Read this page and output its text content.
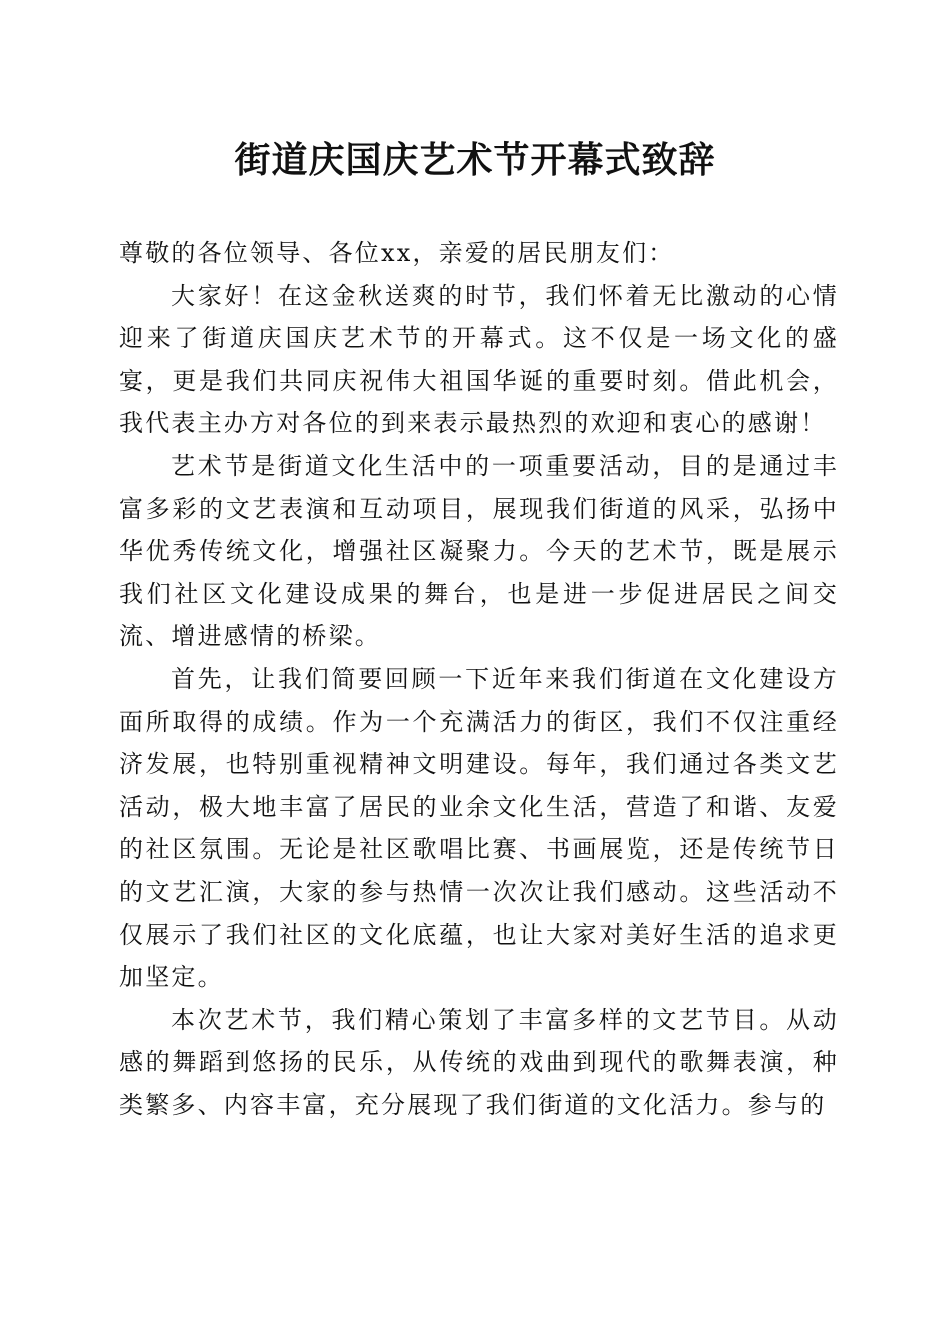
街道庆国庆艺术节开幕式致辞

尊敬的各位领导、各位xx，亲爱的居民朋友们：

大家好！在这金秋送爽的时节，我们怀着无比激动的心情迎来了街道庆国庆艺术节的开幕式。这不仅是一场文化的盛宴，更是我们共同庆祝伟大祖国华诞的重要时刻。借此机会，我代表主办方对各位的到来表示最热烈的欢迎和衷心的感谢！

艺术节是街道文化生活中的一项重要活动，目的是通过丰富多彩的文艺表演和互动项目，展现我们街道的风采，弘扬中华优秀传统文化，增强社区凝聚力。今天的艺术节，既是展示我们社区文化建设成果的舞台，也是进一步促进居民之间交流、增进感情的桥梁。

首先，让我们简要回顾一下近年来我们街道在文化建设方面所取得的成绩。作为一个充满活力的街区，我们不仅注重经济发展，也特别重视精神文明建设。每年，我们通过各类文艺活动，极大地丰富了居民的业余文化生活，营造了和谐、友爱的社区氛围。无论是社区歌唱比赛、书画展览，还是传统节日的文艺汇演，大家的参与热情一次次让我们感动。这些活动不仅展示了我们社区的文化底蕴，也让大家对美好生活的追求更加坚定。

本次艺术节，我们精心策划了丰富多样的文艺节目。从动感的舞蹈到悠扬的民乐，从传统的戏曲到现代的歌舞表演，种类繁多、内容丰富，充分展现了我们街道的文化活力。参与的
